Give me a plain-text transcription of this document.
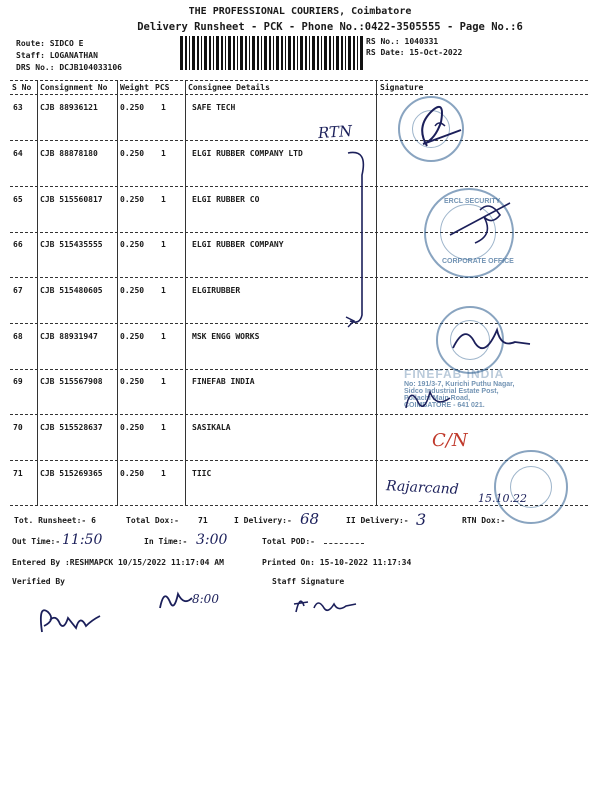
THE PROFESSIONAL COURIERS, Coimbatore
Delivery Runsheet - PCK - Phone No.:0422-3505555 - Page No.:6
Route: SIDCO E
Staff: LOGANATHAN
DRS No.: DCJB104033106
RS No.: 1040331
RS Date: 15-Oct-2022
S No Consignment No Weight PCS Consignee Details	Signature
63 CJB 88936121	0.250 1	SAFE TECH
64 CJB 88878180	0.250 1	ELGI RUBBER COMPANY LTD
65 CJB 515560817 0.250 1	ELGI RUBBER CO
66 CJB 515435555 0.250 1	ELGI RUBBER COMPANY
67 CJB 515480605 0.250 1	ELGIRUBBER
68 CJB 88931947	0.250 1	MSK ENGG WORKS
69 CJB 515567908 0.250 1	FINEFAB INDIA
70 CJB 515528637 0.250 1	SASIKALA
71 CJB 515269365 0.250 1	TIIC
RTN
C/N
Rajarcand
15.10.22
ERCL SECURITY
CORPORATE OFFICE
FINEFAB INDIA
No: 191/3-7, Kurichi Puthu Nagar,
Sidco Industrial Estate Post,
Pollachi Main Road,
COIMBATORE - 641 021.
Tot. Runsheet:- 6	Total Dox:- 71	I Delivery:- 68	II Delivery:- 3	RTN Dox:-
Out Time:- 11:50	In Time:- 3:00	Total POD:-
Entered By :RESHMAPCK 10/15/2022 11:17:04 AM	Printed On: 15-10-2022 11:17:34
Verified By	Staff Signature
8:00
